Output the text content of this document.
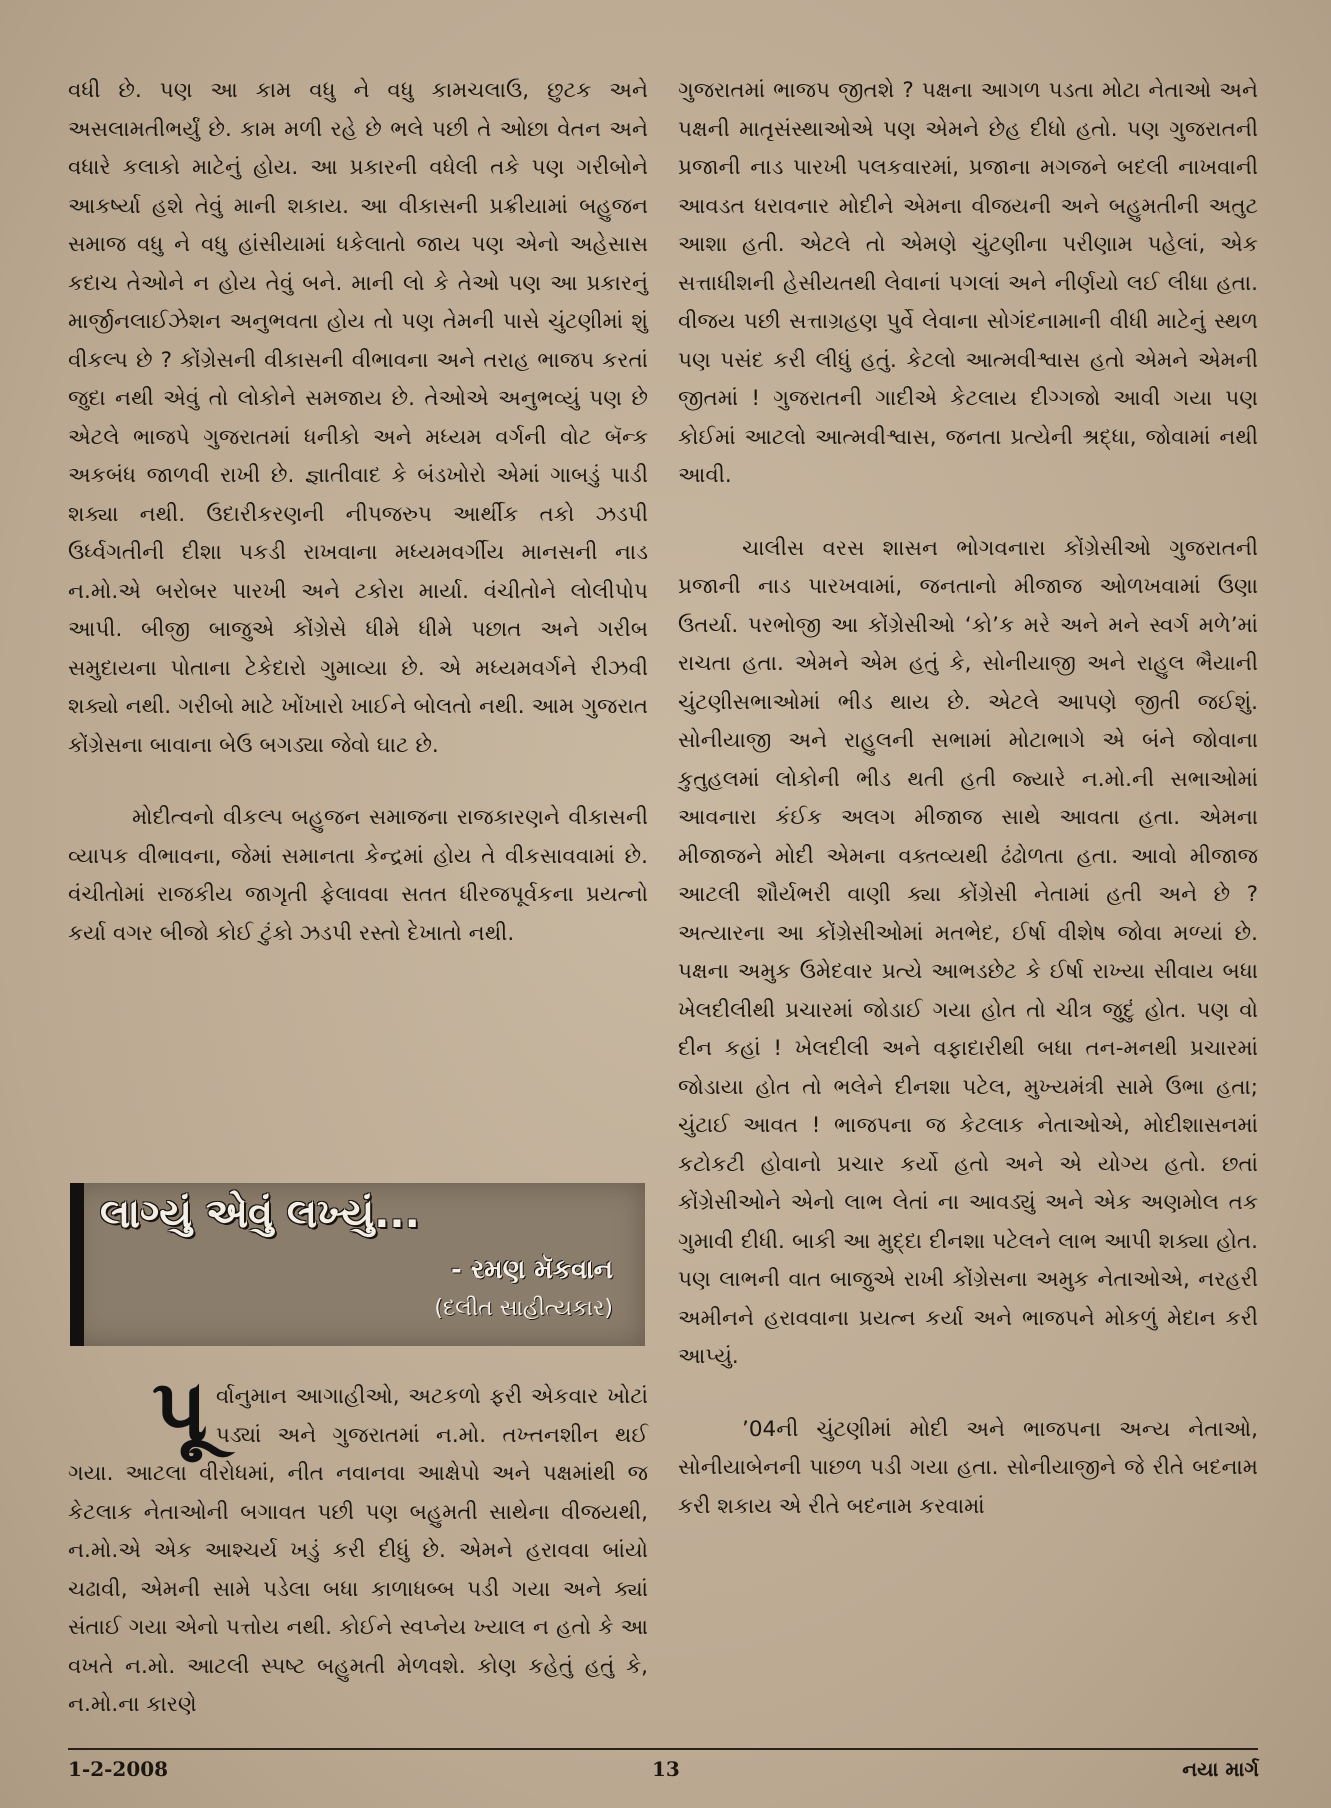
વધી છે. પણ આ કામ વધુ ને વધુ કામચલાઉ, છુટક અને અસલામતીભર્યું છે. કામ મળી રહે છે ભલે પછી તે ઓછા વેતન અને વધારે કલાકો માટેનું હોય. આ પ્રકારની વધેલી તકે પણ ગરીબોને આકર્ષ્યા હશે તેવું માની શકાય. આ વીકાસની પ્રક્રીયામાં બહુજન સમાજ વધુ ને વધુ હાંસીયામાં ધકેલાતો જાય પણ એનો અહેસાસ કદાચ તેઓને ન હોય તેવું બને. માની લો કે તેઓ પણ આ પ્રકારનું માર્જીનલાઈઝેશન અનુભવતા હોય તો પણ તેમની પાસે ચુંટણીમાં શું વીકલ્પ છે ? કોંગ્રેસની વીકાસની વીભાવના અને તરાહ ભાજપ કરતાં જુદા નથી એવું તો લોકોને સમજાય છે. તેઓએ અનુભવ્યું પણ છે એટલે ભાજપે ગુજરાતમાં ધનીકો અને મધ્યમ વર્ગની વોટ બૅન્ક અકબંધ જાળવી રાખી છે. જ્ઞાતીવાદ કે બંડખોરો એમાં ગાબડું પાડી શક્યા નથી. ઉદારીકરણની નીપજરુપ આર્થીક તકો ઝડપી ઉર્ધ્વગતીની દીશા પકડી રાખવાના મધ્યમવર્ગીય માનસની નાડ ન.મો.એ બરોબર પારખી અને ટકોરા માર્યા. વંચીતોને લોલીપોપ આપી. બીજી બાજુએ કોંગ્રેસે ધીમે ધીમે પછાત અને ગરીબ સમુદાયના પોતાના ટેકેદારો ગુમાવ્યા છે. એ મધ્યમવર્ગને રીઝવી શક્યો નથી. ગરીબો માટે ખોંખારો ખાઈને બોલતો નથી. આમ ગુજરાત કોંગ્રેસના બાવાના બેઉ બગડ્યા જેવો ઘાટ છે.

મોદીત્વનો વીકલ્પ બહુજન સમાજના રાજકારણને વીકાસની વ્યાપક વીભાવના, જેમાં સમાનતા કેન્દ્રમાં હોય તે વીકસાવવામાં છે. વંચીતોમાં રાજકીય જાગૃતી ફેલાવવા સતત ધીરજપૂર્વકના પ્રયત્નો કર્યા વગર બીજો કોઈ ટુંકો ઝડપી રસ્તો દેખાતો નથી.

લાગ્યું એવું લખ્યું...
- રમણ મૅકવાન
(દલીત સાહીત્યકાર)

પૂર્વાનુમાન આગાહીઓ, અટકળો ફરી એકવાર ખોટાં પડ્યાં અને ગુજરાતમાં ન.મો. તખ્તનશીન થઈ ગયા. આટલા વીરોધમાં, નીત નવાનવા આક્ષેપો અને પક્ષમાંથી જ કેટલાક નેતાઓની બગાવત પછી પણ બહુમતી સાથેના વીજયથી, ન.મો.એ એક આશ્ચર્ય ખડું કરી દીધું છે. એમને હરાવવા બાંયો ચઢાવી, એમની સામે પડેલા બધા કાળાધબ્બ પડી ગયા અને ક્યાં સંતાઈ ગયા એનો પત્તોય નથી. કોઈને સ્વપ્નેય ખ્યાલ ન હતો કે આ વખતે ન.મો. આટલી સ્પષ્ટ બહુમતી મેળવશે. કોણ કહેતું હતું કે, ન.મો.ના કારણે

ગુજરાતમાં ભાજપ જીતશે ? પક્ષના આગળ પડતા મોટા નેતાઓ અને પક્ષની માતૃસંસ્થાઓએ પણ એમને છેહ દીધો હતો. પણ ગુજરાતની પ્રજાની નાડ પારખી પલકવારમાં, પ્રજાના મગજને બદલી નાખવાની આવડત ધરાવનાર મોદીને એમના વીજયની અને બહુમતીની અતુટ આશા હતી. એટલે તો એમણે ચુંટણીના પરીણામ પહેલાં, એક સત્તાધીશની હેસીયતથી લેવાનાં પગલાં અને નીર્ણયો લઈ લીધા હતા. વીજય પછી સત્તાગ્રહણ પુર્વે લેવાના સોગંદનામાની વીધી માટેનું સ્થળ પણ પસંદ કરી લીધું હતું. કેટલો આત્મવીશ્વાસ હતો એમને એમની જીતમાં ! ગુજરાતની ગાદીએ કેટલાય દીગ્ગજો આવી ગયા પણ કોઈમાં આટલો આત્મવીશ્વાસ, જનતા પ્રત્યેની શ્રદ્ધા, જોવામાં નથી આવી.

ચાલીસ વરસ શાસન ભોગવનારા કોંગ્રેસીઓ ગુજરાતની પ્રજાની નાડ પારખવામાં, જનતાનો મીજાજ ઓળખવામાં ઉણા ઉતર્યા. પરભોજી આ કોંગ્રેસીઓ ‘કો’ક મરે અને મને સ્વર્ગ મળે’માં રાચતા હતા. એમને એમ હતું કે, સોનીયાજી અને રાહુલ ભૈયાની ચુંટણીસભાઓમાં ભીડ થાય છે. એટલે આપણે જીતી જઈશું. સોનીયાજી અને રાહુલની સભામાં મોટાભાગે એ બંને જોવાના કુતુહલમાં લોકોની ભીડ થતી હતી જ્યારે ન.મો.ની સભાઓમાં આવનારા કંઈક અલગ મીજાજ સાથે આવતા હતા. એમના મીજાજને મોદી એમના વક્તવ્યથી ઢંઢોળતા હતા. આવો મીજાજ આટલી શૌર્યભરી વાણી ક્યા કોંગ્રેસી નેતામાં હતી અને છે ? અત્યારના આ કોંગ્રેસીઓમાં મતભેદ, ઈર્ષા વીશેષ જોવા મળ્યાં છે. પક્ષના અમુક ઉમેદવાર પ્રત્યે આભડછેટ કે ઈર્ષા રાખ્યા સીવાય બધા ખેલદીલીથી પ્રચારમાં જોડાઈ ગયા હોત તો ચીત્ર જુદું હોત. પણ વો દીન કહાં ! ખેલદીલી અને વફાદારીથી બધા તન-મનથી પ્રચારમાં જોડાયા હોત તો ભલેને દીનશા પટેલ, મુખ્યમંત્રી સામે ઉભા હતા; ચુંટાઈ આવત ! ભાજપના જ કેટલાક નેતાઓએ, મોદીશાસનમાં કટોકટી હોવાનો પ્રચાર કર્યો હતો અને એ યોગ્ય હતો. છતાં કોંગ્રેસીઓને એનો લાભ લેતાં ના આવડ્યું અને એક અણમોલ તક ગુમાવી દીધી. બાકી આ મુદ્દા દીનશા પટેલને લાભ આપી શક્યા હોત. પણ લાભની વાત બાજુએ રાખી કોંગ્રેસના અમુક નેતાઓએ, નરહરી અમીનને હરાવવાના પ્રયત્ન કર્યા અને ભાજપને મોકળું મેદાન કરી આપ્યું.

’04ની ચુંટણીમાં મોદી અને ભાજપના અન્ય નેતાઓ, સોનીયાબેનની પાછળ પડી ગયા હતા. સોનીયાજીને જે રીતે બદનામ કરી શકાય એ રીતે બદનામ કરવામાં

1-2-2008	13	નયા માર્ગ
